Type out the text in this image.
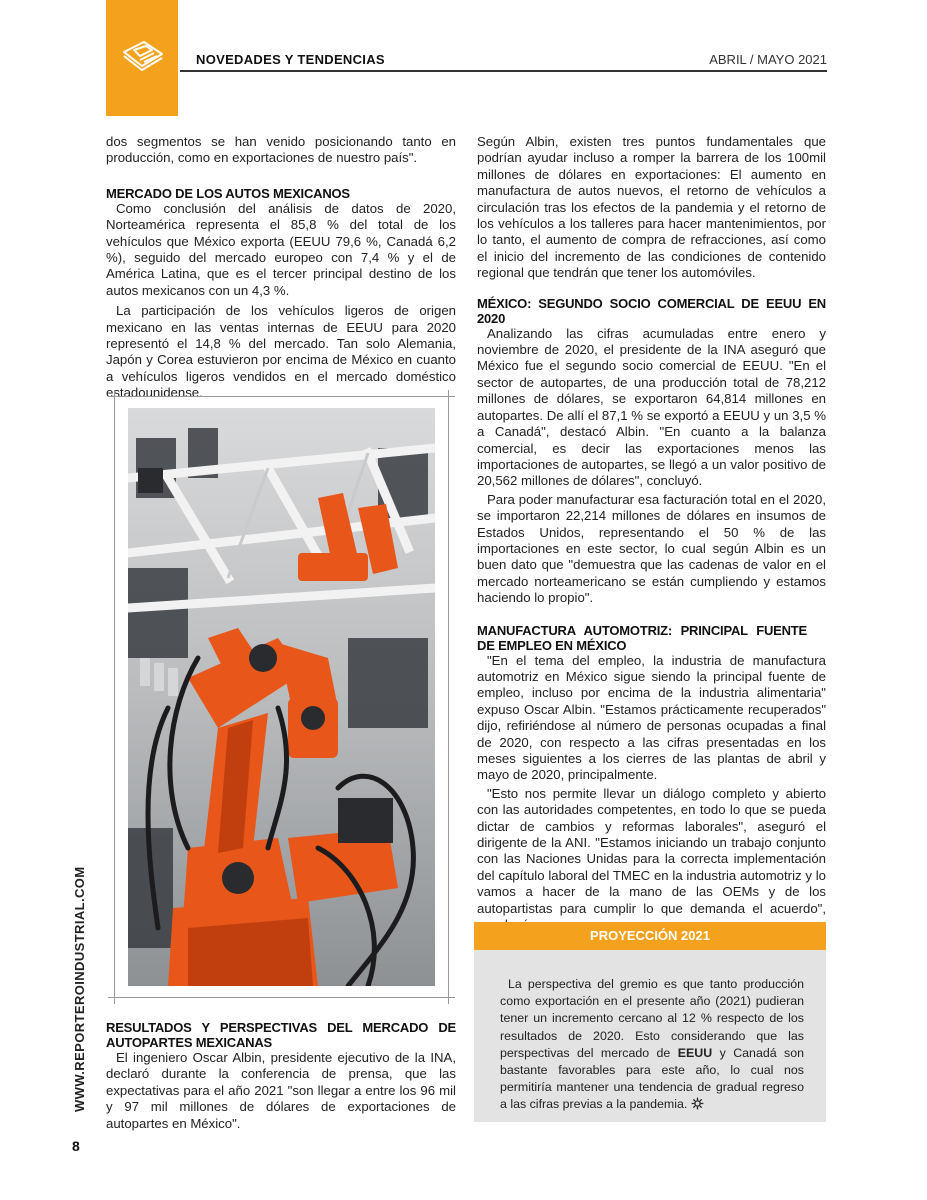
NOVEDADES Y TENDENCIAS	ABRIL / MAYO 2021

dos segmentos se han venido posicionando tanto en producción, como en exportaciones de nuestro país".

MERCADO DE LOS AUTOS MEXICANOS

Como conclusión del análisis de datos de 2020, Norteamérica representa el 85,8 % del total de los vehículos que México exporta (EEUU 79,6 %, Canadá 6,2 %), seguido del mercado europeo con 7,4 % y el de América Latina, que es el tercer principal destino de los autos mexicanos con un 4,3 %.

La participación de los vehículos ligeros de origen mexicano en las ventas internas de EEUU para 2020 representó el 14,8 % del mercado. Tan solo Alemania, Japón y Corea estuvieron por encima de México en cuanto a vehículos ligeros vendidos en el mercado doméstico estadounidense.

RESULTADOS Y PERSPECTIVAS DEL MERCADO DE AUTOPARTES MEXICANAS

El ingeniero Oscar Albin, presidente ejecutivo de la INA, declaró durante la conferencia de prensa, que las expectativas para el año 2021 "son llegar a entre los 96 mil y 97 mil millones de dólares de exportaciones de autopartes en México".

Según Albin, existen tres puntos fundamentales que podrían ayudar incluso a romper la barrera de los 100mil millones de dólares en exportaciones: El aumento en manufactura de autos nuevos, el retorno de vehículos a circulación tras los efectos de la pandemia y el retorno de los vehículos a los talleres para hacer mantenimientos, por lo tanto, el aumento de compra de refracciones, así como el inicio del incremento de las condiciones de contenido regional que tendrán que tener los automóviles.

MÉXICO: SEGUNDO SOCIO COMERCIAL DE EEUU EN 2020

Analizando las cifras acumuladas entre enero y noviembre de 2020, el presidente de la INA aseguró que México fue el segundo socio comercial de EEUU. "En el sector de autopartes, de una producción total de 78,212 millones de dólares, se exportaron 64,814 millones en autopartes. De allí el 87,1 % se exportó a EEUU y un 3,5 % a Canadá", destacó Albin. "En cuanto a la balanza comercial, es decir las exportaciones menos las importaciones de autopartes, se llegó a un valor positivo de 20,562 millones de dólares", concluyó.

Para poder manufacturar esa facturación total en el 2020, se importaron 22,214 millones de dólares en insumos de Estados Unidos, representando el 50 % de las importaciones en este sector, lo cual según Albin es un buen dato que "demuestra que las cadenas de valor en el mercado norteamericano se están cumpliendo y estamos haciendo lo propio".

MANUFACTURA AUTOMOTRIZ: PRINCIPAL FUENTE DE EMPLEO EN MÉXICO

"En el tema del empleo, la industria de manufactura automotriz en México sigue siendo la principal fuente de empleo, incluso por encima de la industria alimentaria" expuso Oscar Albin. "Estamos prácticamente recuperados" dijo, refiriéndose al número de personas ocupadas a final de 2020, con respecto a las cifras presentadas en los meses siguientes a los cierres de las plantas de abril y mayo de 2020, principalmente.

"Esto nos permite llevar un diálogo completo y abierto con las autoridades competentes, en todo lo que se pueda dictar de cambios y reformas laborales", aseguró el dirigente de la ANI. "Estamos iniciando un trabajo conjunto con las Naciones Unidas para la correcta implementación del capítulo laboral del TMEC en la industria automotriz y lo vamos a hacer de la mano de las OEMs y de los autopartistas para cumplir lo que demanda el acuerdo",

PROYECCIÓN 2021
La perspectiva del gremio es que tanto producción como exportación en el presente año (2021) pudieran tener un incremento cercano al 12 % respecto de los resultados de 2020. Esto considerando que las perspectivas del mercado de EEUU y Canadá son bastante favorables para este año, lo cual nos permitiría mantener una tendencia de gradual regreso a las cifras previas a la pandemia.
WWW.REPORTEROINDUSTRIAL.COM
8
